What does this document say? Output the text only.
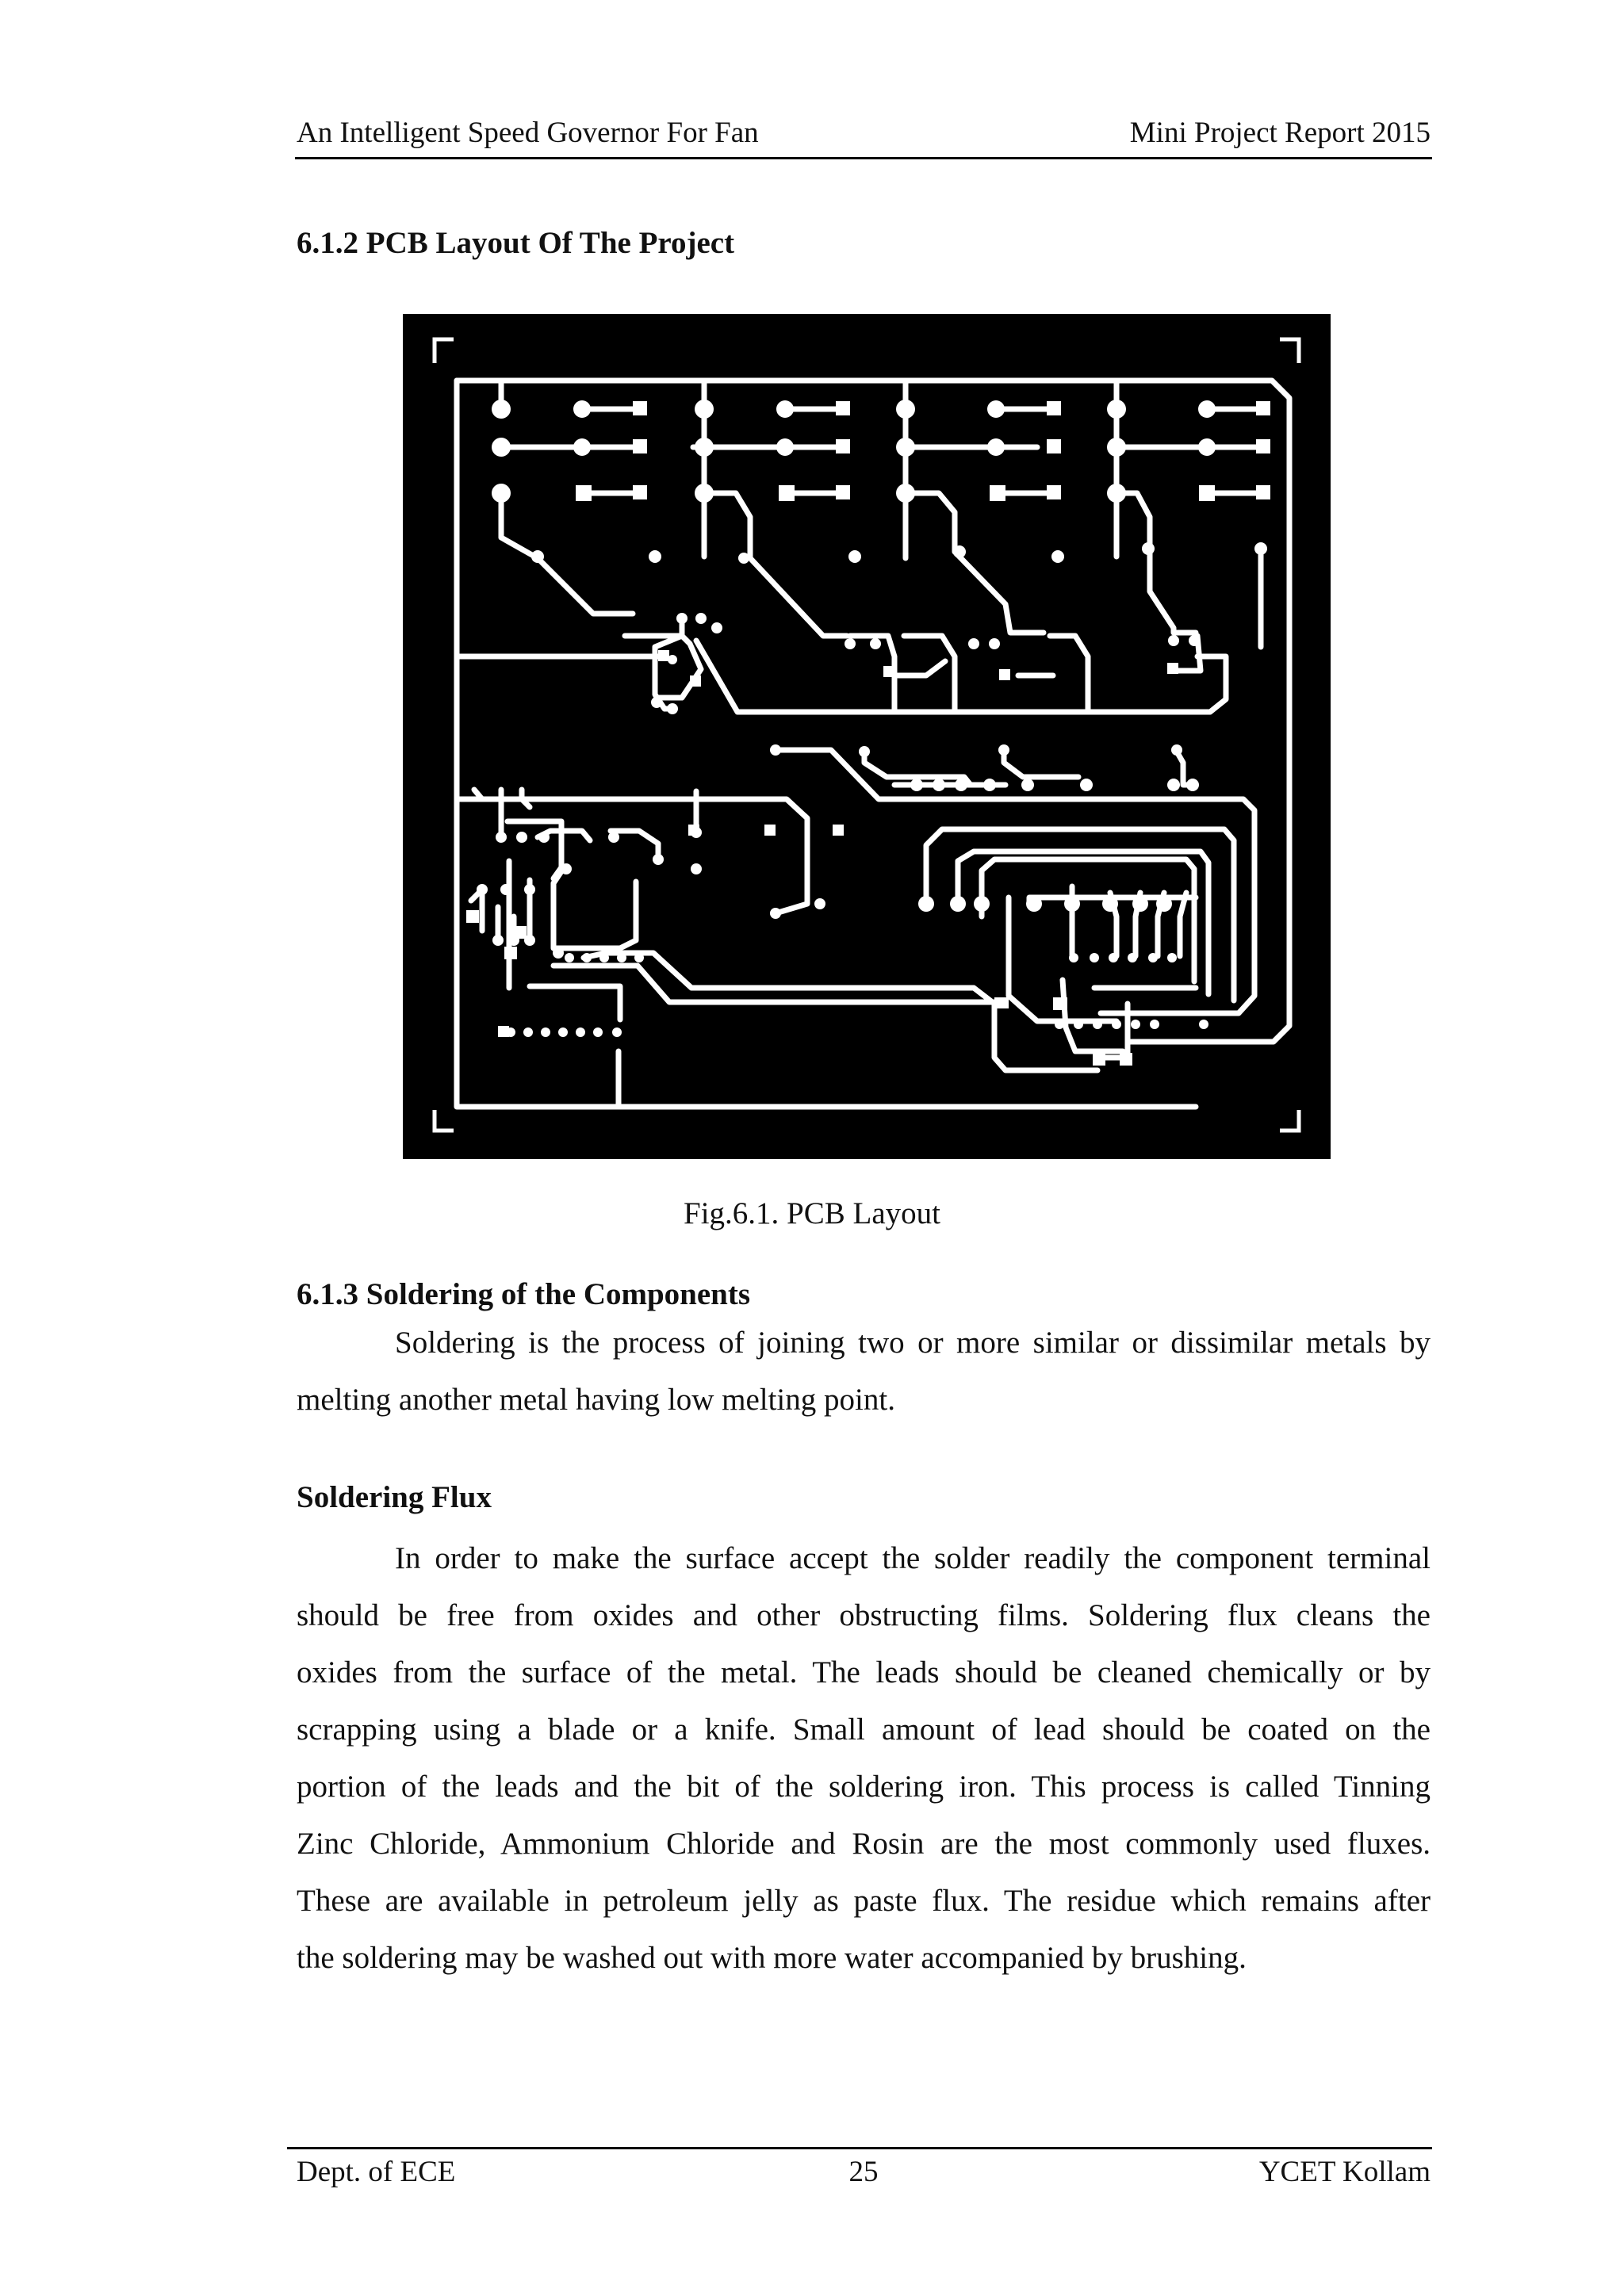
An Intelligent Speed Governor For Fan	Mini Project Report 2015
6.1.2 PCB Layout Of The Project
Fig.6.1. PCB Layout
6.1.3 Soldering of the Components
Soldering is the process of joining two or more similar or dissimilar metals by
melting another metal having low melting point.
Soldering Flux
In order to make the surface accept the solder readily the component terminal
should be free from oxides and other obstructing films. Soldering flux cleans the
oxides from the surface of the metal. The leads should be cleaned chemically or by
scrapping using a blade or a knife. Small amount of lead should be coated on the
portion of the leads and the bit of the soldering iron. This process is called Tinning
Zinc Chloride, Ammonium Chloride and Rosin are the most commonly used fluxes.
These are available in petroleum jelly as paste flux. The residue which remains after
the soldering may be washed out with more water accompanied by brushing.
Dept. of ECE	25	YCET Kollam
